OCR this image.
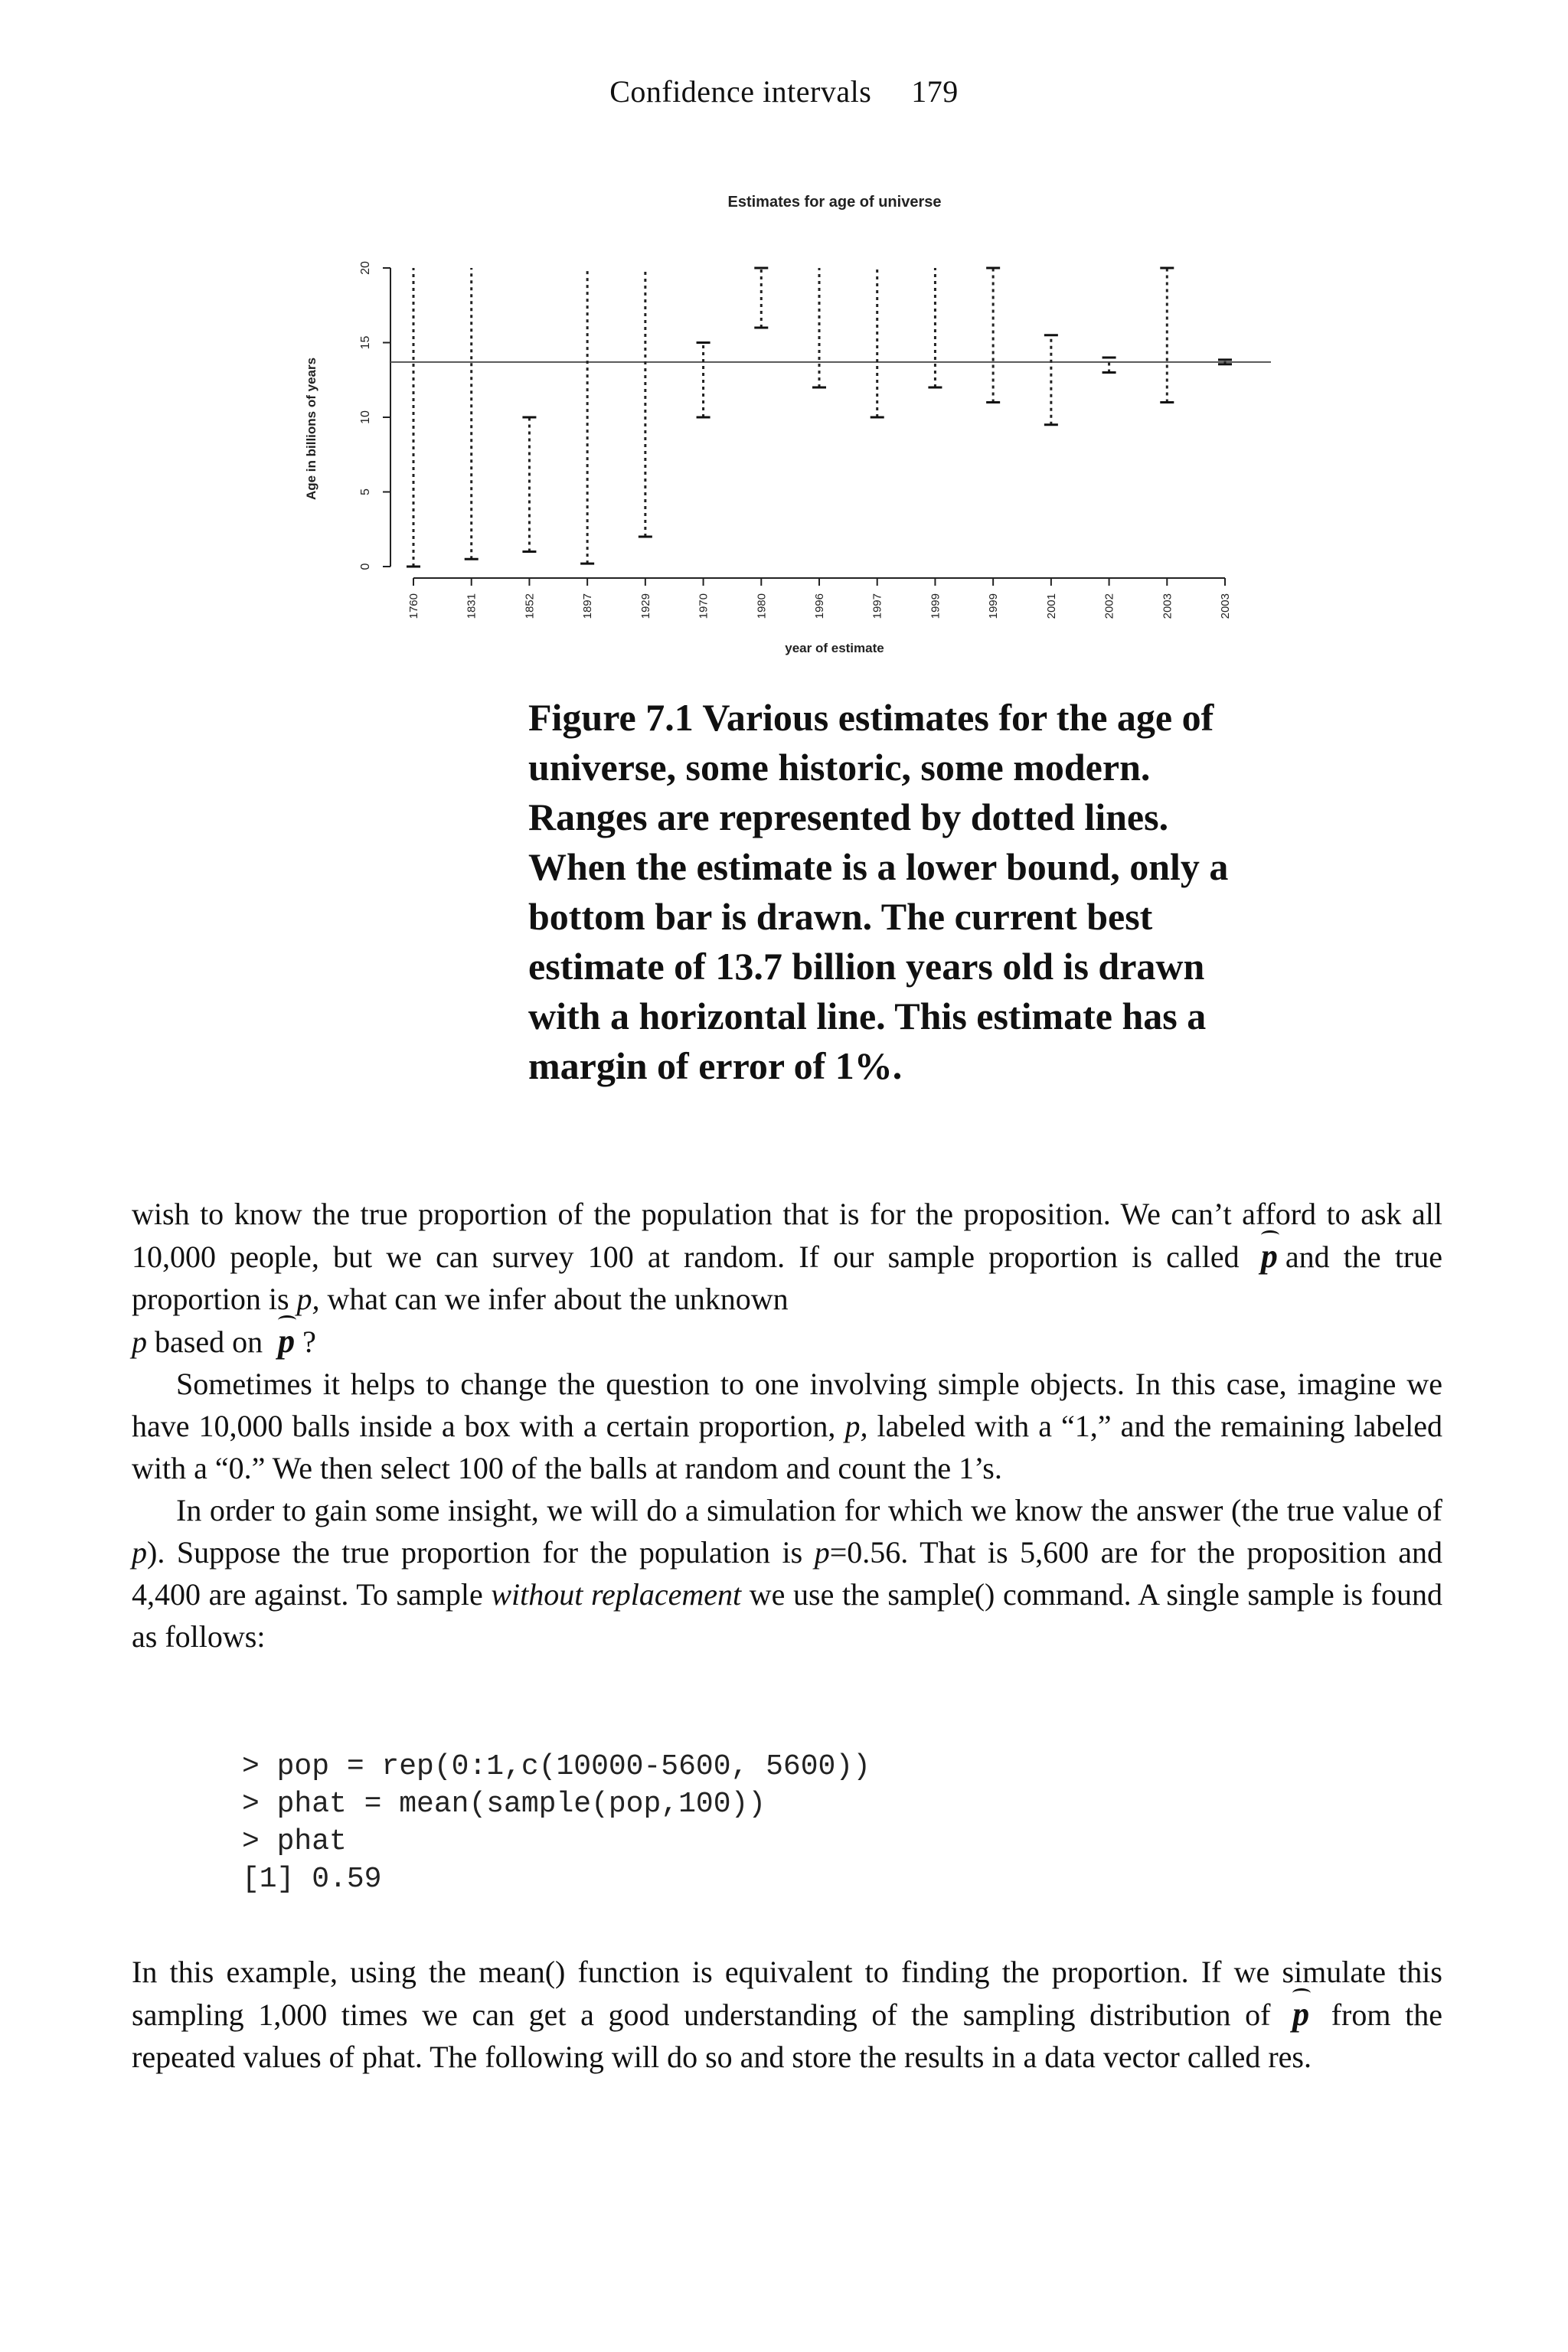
Confidence intervals 179
Estimates for age of universe
Age in billions of years
year of estimate
0
5
10
15
20
1760	1831	1852	1897	1929	1970	1980	1996	1997	1999	1999	2001	2002	2003	2003
Figure 7.1 Various estimates for the age of universe, some historic, some modern. Ranges are represented by dotted lines. When the estimate is a lower bound, only a bottom bar is drawn. The current best estimate of 13.7 billion years old is drawn with a horizontal line. This estimate has a margin of error of 1%.

wish to know the true proportion of the population that is for the proposition. We can’t afford to ask all 10,000 people, but we can survey 100 at random. If our sample proportion is called p and the true proportion is p, what can we infer about the unknown
p based on p ?

Sometimes it helps to change the question to one involving simple objects. In this case, imagine we have 10,000 balls inside a box with a certain proportion, p, labeled with a “1,” and the remaining labeled with a “0.” We then select 100 of the balls at random and count the 1’s.

In order to gain some insight, we will do a simulation for which we know the answer (the true value of p). Suppose the true proportion for the population is p=0.56. That is 5,600 are for the proposition and 4,400 are against. To sample without replacement we use the sample() command. A single sample is found as follows:

> pop = rep(0:1,c(10000-5600, 5600))
> phat = mean(sample(pop,100))
> phat
[1] 0.59

In this example, using the mean() function is equivalent to finding the proportion. If we simulate this sampling 1,000 times we can get a good understanding of the sampling distribution of p from the repeated values of phat. The following will do so and store the results in a data vector called res.
